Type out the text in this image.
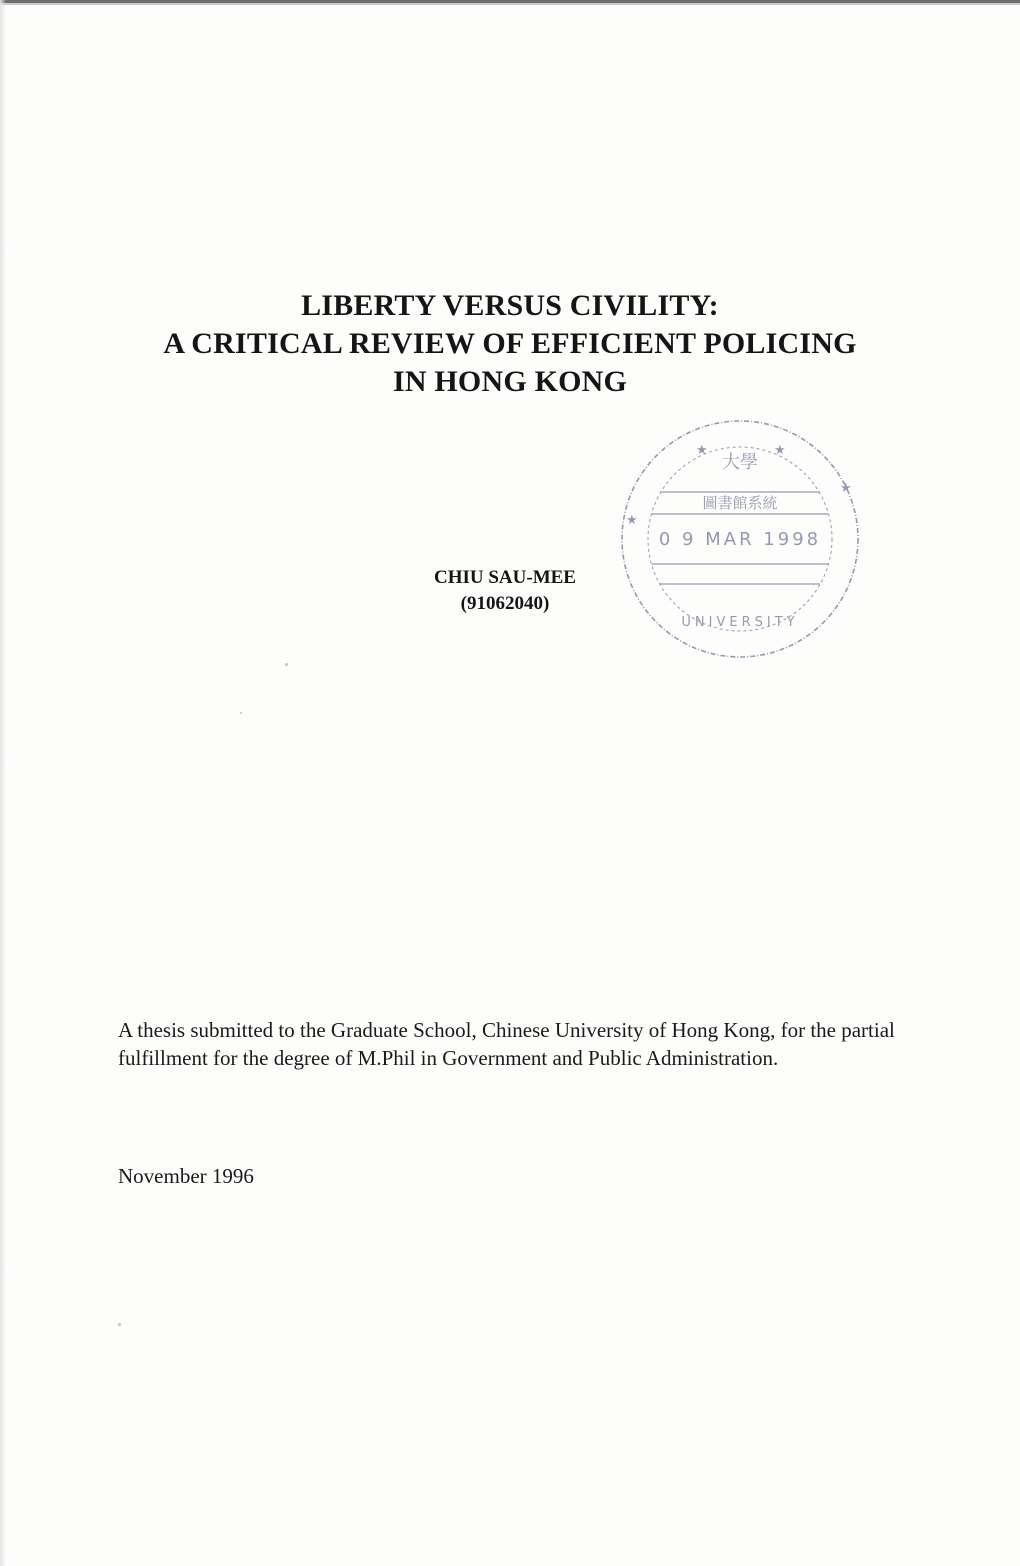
LIBERTY VERSUS CIVILITY:
A CRITICAL REVIEW OF EFFICIENT POLICING
IN HONG KONG
大學
圖書館系統
0 9 MAR 1998
UNIVERSITY
★	★
★
★
CHIU SAU-MEE
(91062040)
A thesis submitted to the Graduate School, Chinese University of Hong Kong, for the partial
fulfillment for the degree of M.Phil in Government and Public Administration.
November 1996
